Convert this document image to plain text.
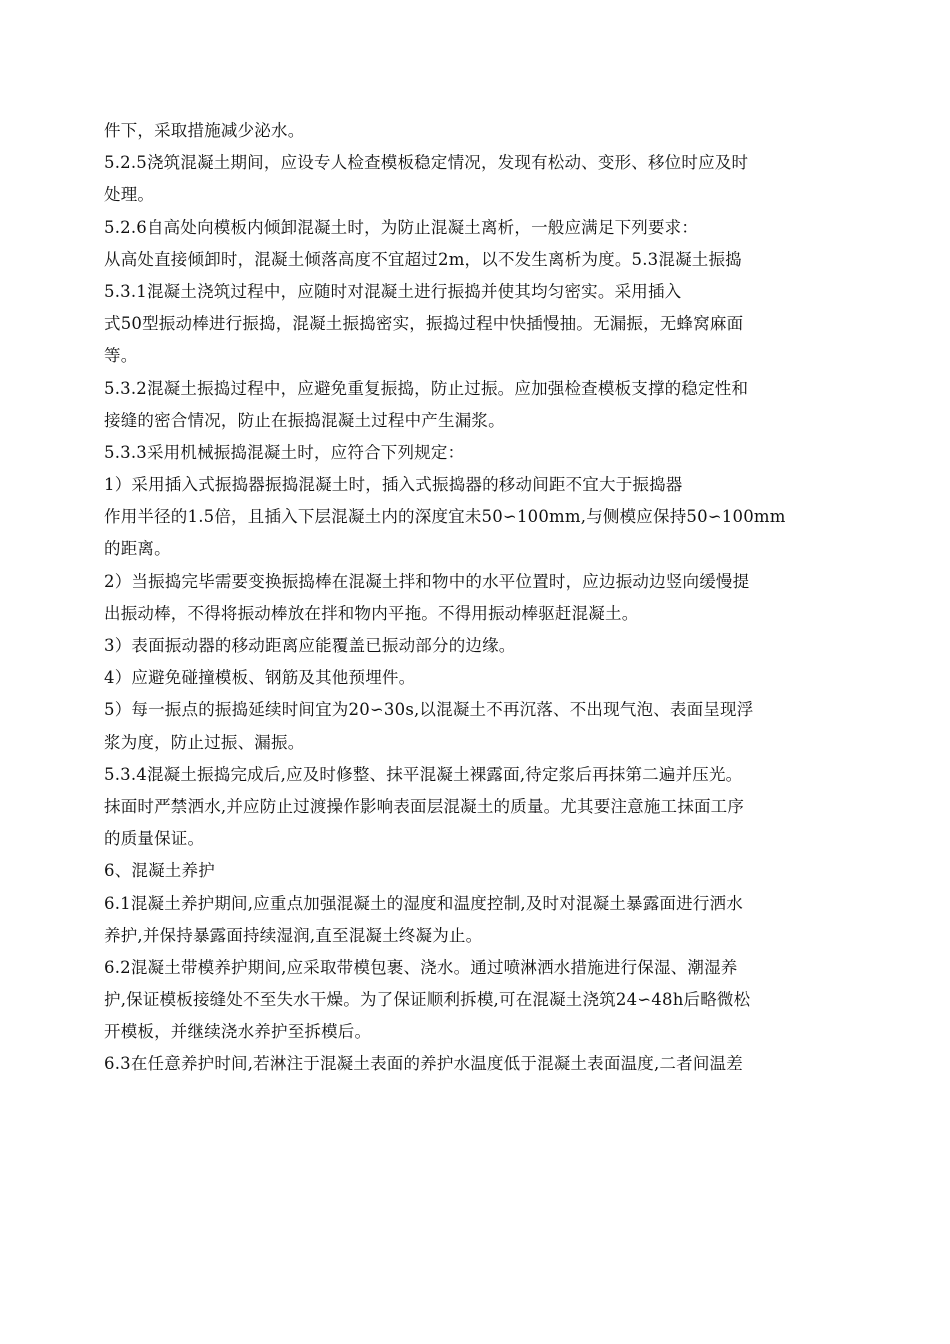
件下，采取措施减少泌水。
5.2.5浇筑混凝土期间，应设专人检查模板稳定情况，发现有松动、变形、移位时应及时
处理。
5.2.6自高处向模板内倾卸混凝土时，为防止混凝土离析，一般应满足下列要求：
从高处直接倾卸时，混凝土倾落高度不宜超过2m，以不发生离析为度。5.3混凝土振捣
5.3.1混凝土浇筑过程中，应随时对混凝土进行振捣并使其均匀密实。采用插入
式50型振动棒进行振捣，混凝土振捣密实，振捣过程中快插慢抽。无漏振，无蜂窝麻面
等。
5.3.2混凝土振捣过程中，应避免重复振捣，防止过振。应加强检查模板支撑的稳定性和
接缝的密合情况，防止在振捣混凝土过程中产生漏浆。
5.3.3采用机械振捣混凝土时，应符合下列规定：
1）采用插入式振捣器振捣混凝土时，插入式振捣器的移动间距不宜大于振捣器
作用半径的1.5倍，且插入下层混凝土内的深度宜未50∽100mm,与侧模应保持50∽100mm
的距离。
2）当振捣完毕需要变换振捣棒在混凝土拌和物中的水平位置时，应边振动边竖向缓慢提
出振动棒，不得将振动棒放在拌和物内平拖。不得用振动棒驱赶混凝土。
3）表面振动器的移动距离应能覆盖已振动部分的边缘。
4）应避免碰撞模板、钢筋及其他预埋件。
5）每一振点的振捣延续时间宜为20∽30s,以混凝土不再沉落、不出现气泡、表面呈现浮
浆为度，防止过振、漏振。
5.3.4混凝土振捣完成后,应及时修整、抹平混凝土裸露面,待定浆后再抹第二遍并压光。
抹面时严禁洒水,并应防止过渡操作影响表面层混凝土的质量。尤其要注意施工抹面工序
的质量保证。
6、混凝土养护
6.1混凝土养护期间,应重点加强混凝土的湿度和温度控制,及时对混凝土暴露面进行洒水
养护,并保持暴露面持续湿润,直至混凝土终凝为止。
6.2混凝土带模养护期间,应采取带模包裹、浇水。通过喷淋洒水措施进行保湿、潮湿养
护,保证模板接缝处不至失水干燥。为了保证顺利拆模,可在混凝土浇筑24∽48h后略微松
开模板，并继续浇水养护至拆模后。
6.3在任意养护时间,若淋注于混凝土表面的养护水温度低于混凝土表面温度,二者间温差
